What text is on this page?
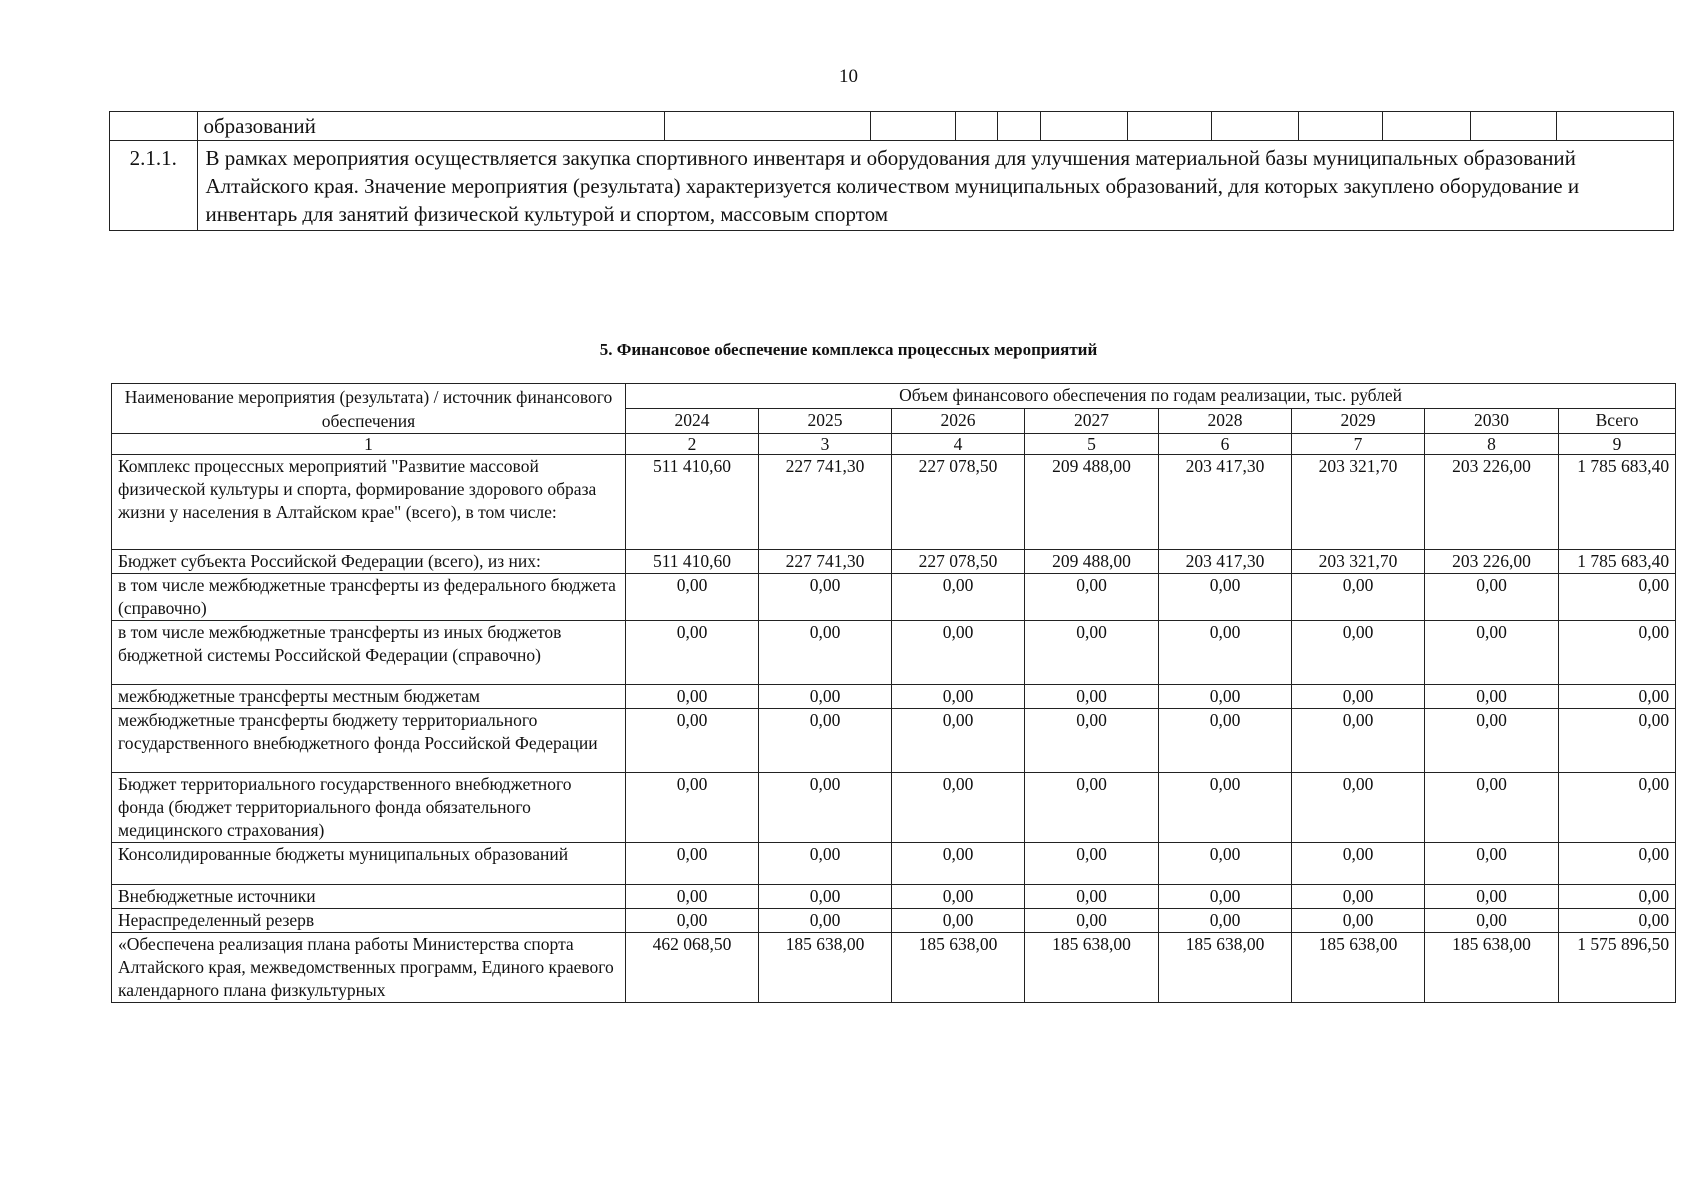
10
	образований											
2.1.1.	В рамках мероприятия осуществляется закупка спортивного инвентаря и оборудования для улучшения материальной базы муниципальных образований Алтайского края. Значение мероприятия (результата) характеризуется количеством муниципальных образований, для которых закуплено оборудование и инвентарь для занятий физической культурой и спортом, массовым спортом											
5. Финансовое обеспечение комплекса процессных мероприятий
Наименование мероприятия (результата) / источник финансового обеспечения	Объем финансового обеспечения по годам реализации, тыс. рублей							
	2024	2025	2026	2027	2028	2029	2030	Всего
1	2	3	4	5	6	7	8	9
Комплекс процессных мероприятий "Развитие массовой физической культуры и спорта, формирование здорового образа жизни у населения в Алтайском крае" (всего), в том числе:	511 410,60	227 741,30	227 078,50	209 488,00	203 417,30	203 321,70	203 226,00	1 785 683,40
Бюджет субъекта Российской Федерации (всего), из них:	511 410,60	227 741,30	227 078,50	209 488,00	203 417,30	203 321,70	203 226,00	1 785 683,40
в том числе межбюджетные трансферты из федерального бюджета (справочно)	0,00	0,00	0,00	0,00	0,00	0,00	0,00	0,00
в том числе межбюджетные трансферты из иных бюджетов бюджетной системы Российской Федерации (справочно)	0,00	0,00	0,00	0,00	0,00	0,00	0,00	0,00
межбюджетные трансферты местным бюджетам	0,00	0,00	0,00	0,00	0,00	0,00	0,00	0,00
межбюджетные трансферты бюджету территориального государственного внебюджетного фонда Российской Федерации	0,00	0,00	0,00	0,00	0,00	0,00	0,00	0,00
Бюджет территориального государственного внебюджетного фонда (бюджет территориального фонда обязательного медицинского страхования)	0,00	0,00	0,00	0,00	0,00	0,00	0,00	0,00
Консолидированные бюджеты муниципальных образований	0,00	0,00	0,00	0,00	0,00	0,00	0,00	0,00
Внебюджетные источники	0,00	0,00	0,00	0,00	0,00	0,00	0,00	0,00
Нераспределенный резерв	0,00	0,00	0,00	0,00	0,00	0,00	0,00	0,00
«Обеспечена реализация плана работы Министерства спорта Алтайского края, межведомственных программ, Единого краевого календарного плана физкультурных	462 068,50	185 638,00	185 638,00	185 638,00	185 638,00	185 638,00	185 638,00	1 575 896,50
